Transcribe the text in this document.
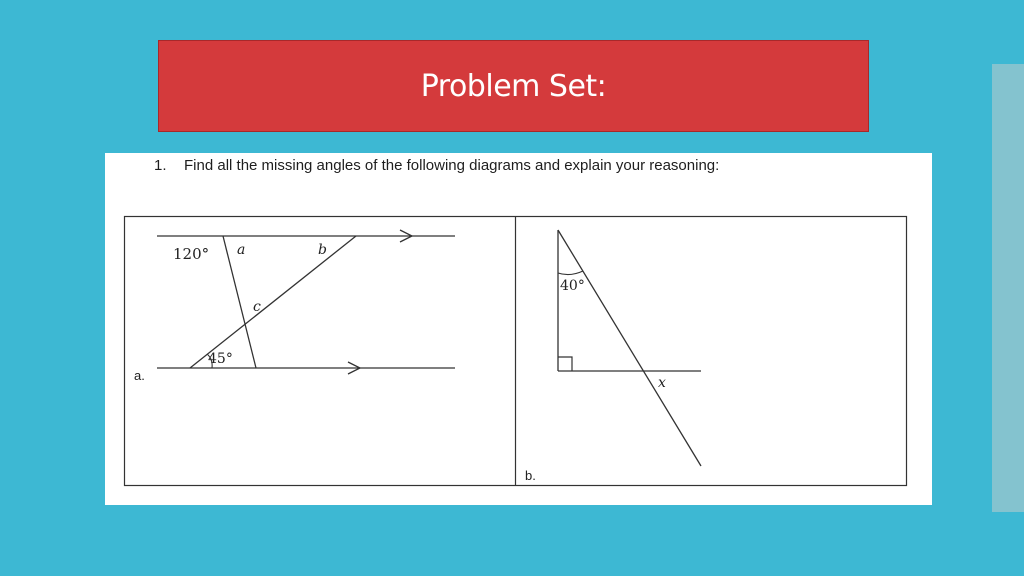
Problem Set:
1. Find all the missing angles of the following diagrams and explain your reasoning:
120° a	b
c
45°
a.
40°
x
b.
